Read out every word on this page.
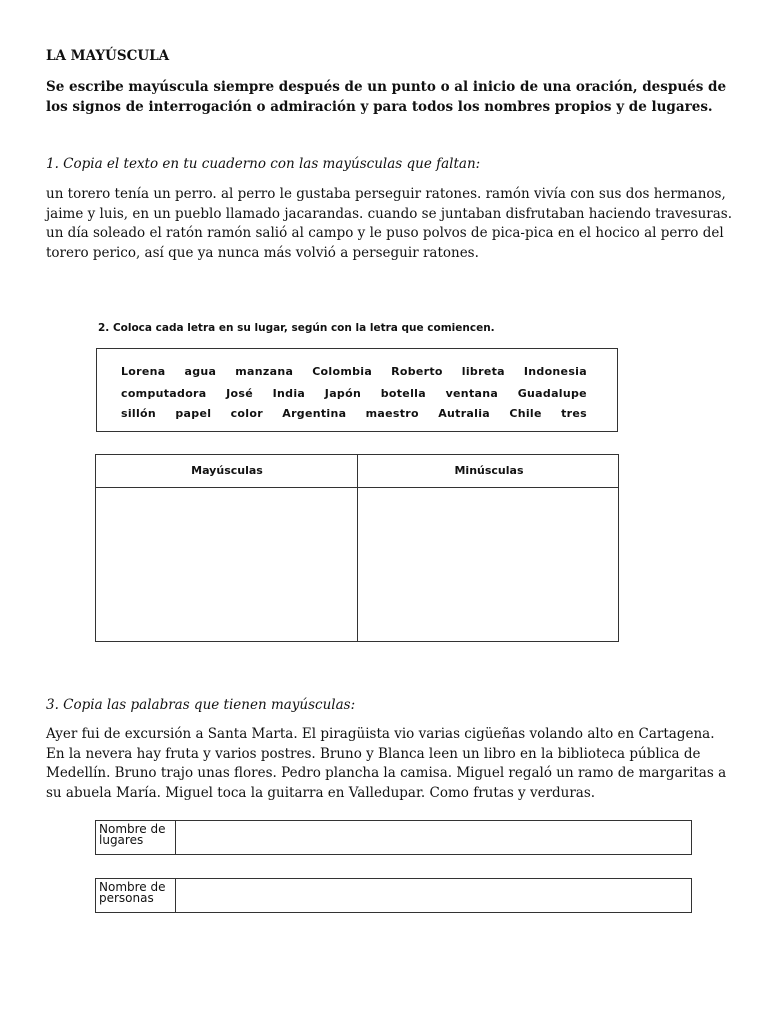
LA MAYÚSCULA
Se escribe mayúscula siempre después de un punto o al inicio de una oración, después de los signos de interrogación o admiración y para todos los nombres propios y de lugares.
1. Copia el texto en tu cuaderno con las mayúsculas que faltan:
un torero tenía un perro. al perro le gustaba perseguir ratones. ramón vivía con sus dos hermanos, jaime y luis, en un pueblo llamado jacarandas. cuando se juntaban disfrutaban haciendo travesuras. un día soleado el ratón ramón salió al campo y le puso polvos de pica-pica en el hocico al perro del torero perico, así que ya nunca más volvió a perseguir ratones.
2. Coloca cada letra en su lugar, según con la letra que comiencen.
Lorena agua manzana Colombia Roberto libreta Indonesia
computadora José India Japón botella ventana Guadalupe
sillón papel color Argentina maestro Autralia Chile tres
Mayúsculas	Minúsculas
3. Copia las palabras que tienen mayúsculas:
Ayer fui de excursión a Santa Marta. El piragüista vio varias cigüeñas volando alto en Cartagena. En la nevera hay fruta y varios postres. Bruno y Blanca leen un libro en la biblioteca pública de Medellín. Bruno trajo unas flores. Pedro plancha la camisa. Miguel regaló un ramo de margaritas a su abuela María. Miguel toca la guitarra en Valledupar. Como frutas y verduras.
Nombre de
lugares
Nombre de
personas
